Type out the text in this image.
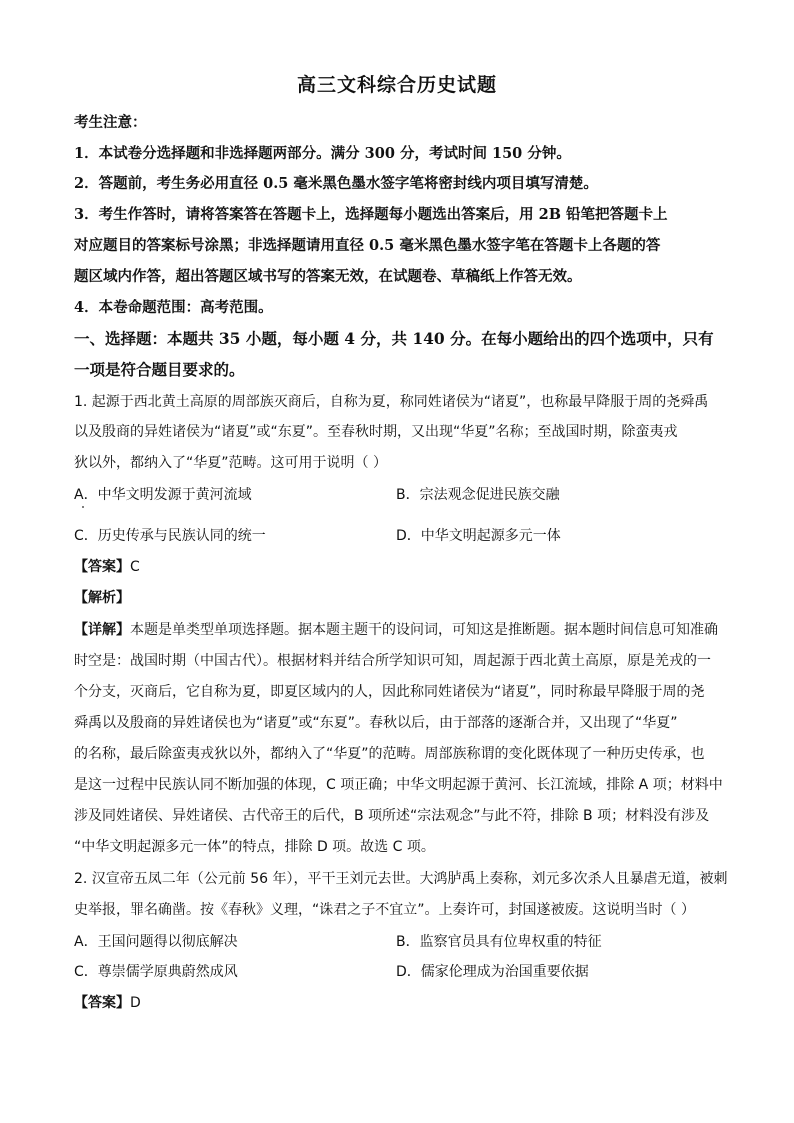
高三文科综合历史试题
考生注意：
1．本试卷分选择题和非选择题两部分。满分 300 分，考试时间 150 分钟。
2．答题前，考生务必用直径 0.5 毫米黑色墨水签字笔将密封线内项目填写清楚。
3．考生作答时，请将答案答在答题卡上，选择题每小题选出答案后，用 2B 铅笔把答题卡上
对应题目的答案标号涂黑；非选择题请用直径 0.5 毫米黑色墨水签字笔在答题卡上各题的答
题区域内作答，超出答题区域书写的答案无效，在试题卷、草稿纸上作答无效。
4．本卷命题范围：高考范围。
一、选择题：本题共 35 小题，每小题 4 分，共 140 分。在每小题给出的四个选项中，只有
一项是符合题目要求的。
1. 起源于西北黄土高原的周部族灭商后，自称为夏，称同姓诸侯为“诸夏”，也称最早降服于周的尧舜禹
以及殷商的异姓诸侯为“诸夏”或“东夏”。至春秋时期，又出现“华夏”名称；至战国时期，除蛮夷戎
狄以外，都纳入了“华夏”范畴。这可用于说明（ ）
A．中华文明发源于黄河流域	B．宗法观念促进民族交融
C．历史传承与民族认同的统一	D．中华文明起源多元一体
【答案】C
【解析】
【详解】本题是单类型单项选择题。据本题主题干的设问词，可知这是推断题。据本题时间信息可知准确
时空是：战国时期（中国古代）。根据材料并结合所学知识可知，周起源于西北黄土高原，原是羌戎的一
个分支，灭商后，它自称为夏，即夏区域内的人，因此称同姓诸侯为“诸夏”，同时称最早降服于周的尧
舜禹以及殷商的异姓诸侯也为“诸夏”或“东夏”。春秋以后，由于部落的逐渐合并，又出现了“华夏”
的名称，最后除蛮夷戎狄以外，都纳入了“华夏”的范畴。周部族称谓的变化既体现了一种历史传承，也
是这一过程中民族认同不断加强的体现，C 项正确；中华文明起源于黄河、长江流域，排除 A 项；材料中
涉及同姓诸侯、异姓诸侯、古代帝王的后代，B 项所述“宗法观念”与此不符，排除 B 项；材料没有涉及
“中华文明起源多元一体”的特点，排除 D 项。故选 C 项。
2. 汉宣帝五凤二年（公元前 56 年），平干王刘元去世。大鸿胪禹上奏称，刘元多次杀人且暴虐无道，被刺
史举报，罪名确凿。按《春秋》义理，“诛君之子不宜立”。上奏许可，封国遂被废。这说明当时（ ）
A．王国问题得以彻底解决	B．监察官员具有位卑权重的特征
C．尊崇儒学原典蔚然成风	D．儒家伦理成为治国重要依据
【答案】D
